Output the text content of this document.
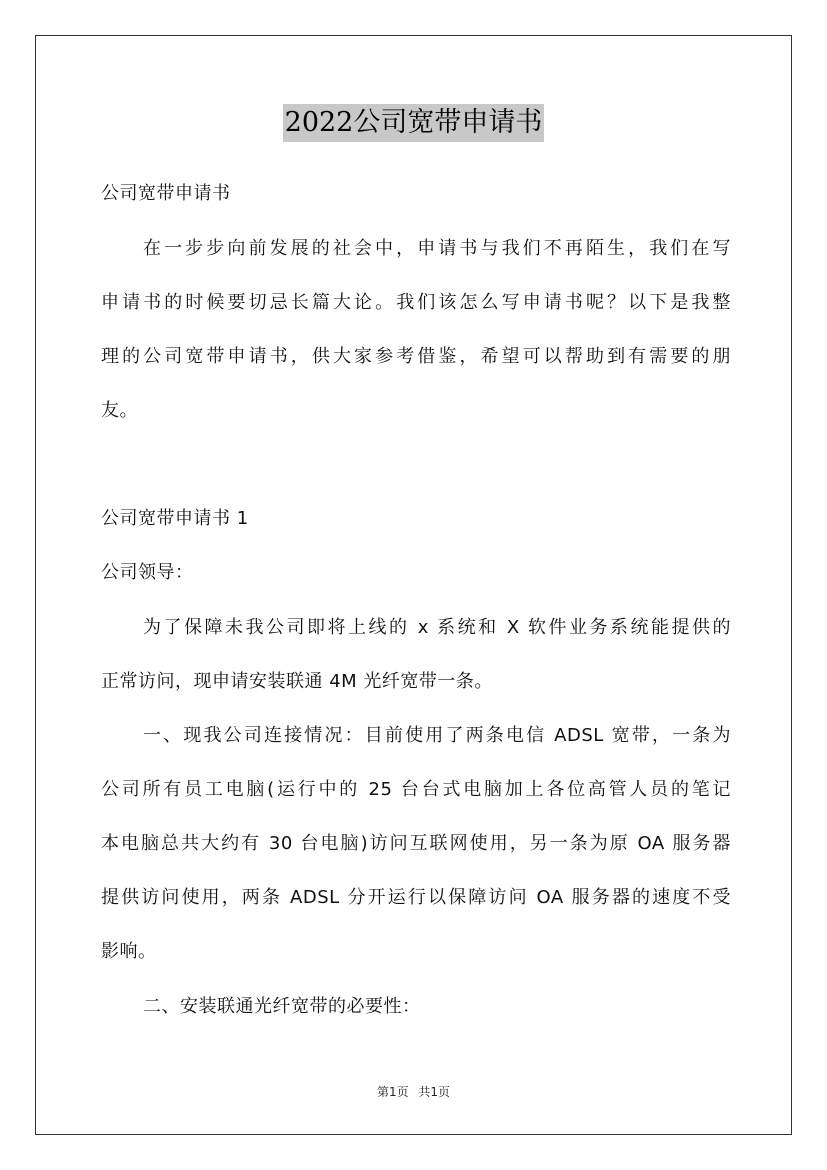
2022公司宽带申请书
公司宽带申请书
在一步步向前发展的社会中，申请书与我们不再陌生，我们在写
申请书的时候要切忌长篇大论。我们该怎么写申请书呢？以下是我整
理的公司宽带申请书，供大家参考借鉴，希望可以帮助到有需要的朋
友。
公司宽带申请书 1
公司领导：
为了保障未我公司即将上线的 x 系统和 X 软件业务系统能提供的
正常访问，现申请安装联通 4M 光纤宽带一条。
一、现我公司连接情况：目前使用了两条电信 ADSL 宽带，一条为
公司所有员工电脑(运行中的 25 台台式电脑加上各位高管人员的笔记
本电脑总共大约有 30 台电脑)访问互联网使用，另一条为原 OA 服务器
提供访问使用，两条 ADSL 分开运行以保障访问 OA 服务器的速度不受
影响。
二、安装联通光纤宽带的必要性：
第1页 共1页
